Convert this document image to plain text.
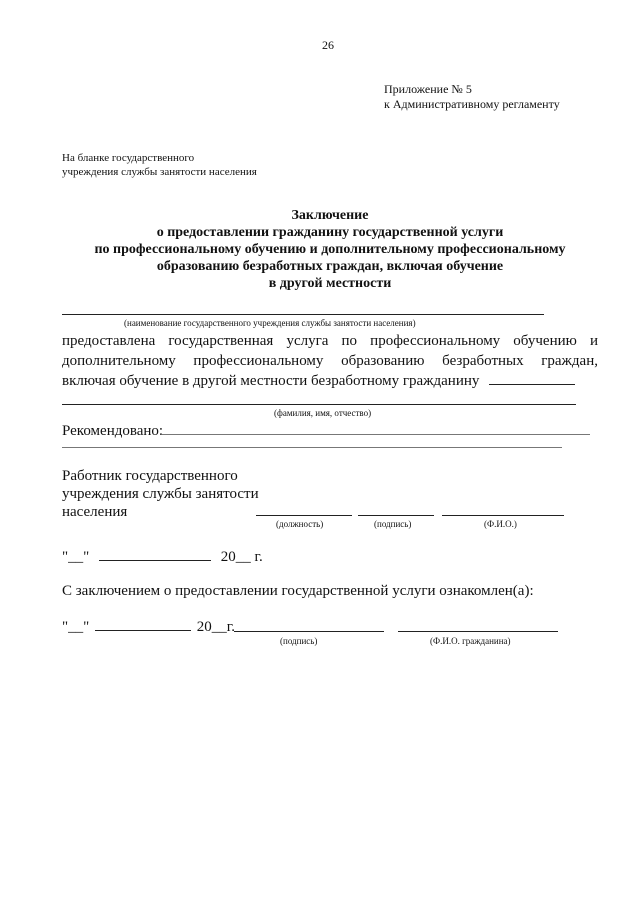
26
Приложение № 5
к Административному регламенту
На бланке государственного
учреждения службы занятости населения
Заключение
о предоставлении гражданину государственной услуги
по профессиональному обучению и дополнительному профессиональному
образованию безработных граждан, включая обучение
в другой местности
(наименование государственного учреждения службы занятости населения)
предоставлена государственная услуга по профессиональному обучению и
дополнительному профессиональному образованию безработных граждан,
включая обучение в другой местности безработному гражданину
(фамилия, имя, отчество)
Рекомендовано:
Работник государственного
учреждения службы занятости
населения
(должность)	(подпись)	(Ф.И.О.)
"__"	20__ г.
С заключением о предоставлении государственной услуги ознакомлен(а):
"__"	20__г.
(подпись)	(Ф.И.О. гражданина)
